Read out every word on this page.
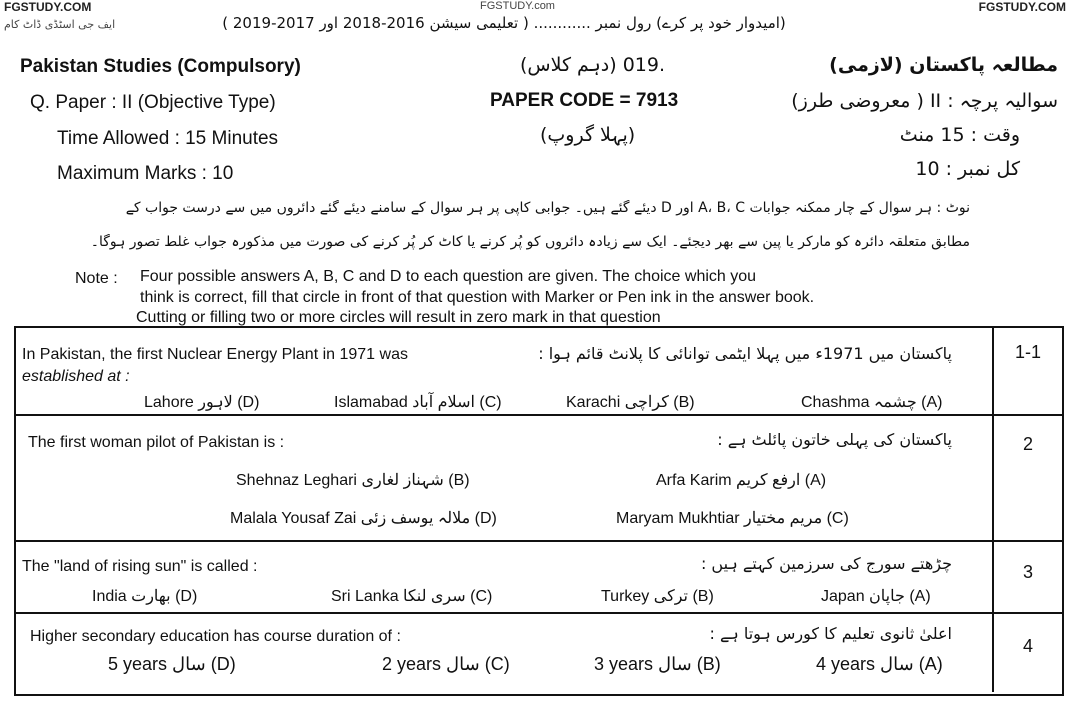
FGSTUDY.COM	FGSTUDY.com	FGSTUDY.COM
(امیدوار خود پر کرے) رول نمبر ............ ( تعلیمی سیشن 2016-2018 اور 2017-2019 )
ایف جی اسٹڈی ڈاٹ کام
Pakistan Studies (Compulsory)	.019 (دہم کلاس)	مطالعہ پاکستان (لازمی)
Q. Paper : II (Objective Type)	PAPER CODE = 7913	سوالیہ پرچہ : II ( معروضی طرز)
Time Allowed : 15 Minutes	(پہلا گروپ)	وقت : 15 منٹ
Maximum Marks : 10	کل نمبر : 10
نوٹ : ہر سوال کے چار ممکنہ جوابات A، B، C اور D دیئے گئے ہیں۔ جوابی کاپی پر ہر سوال کے سامنے دیئے گئے دائروں میں سے درست جواب کے
مطابق متعلقہ دائرہ کو مارکر یا پین سے بھر دیجئے۔ ایک سے زیادہ دائروں کو پُر کرنے یا کاٹ کر پُر کرنے کی صورت میں مذکورہ جواب غلط تصور ہوگا۔
Note : Four possible answers A, B, C and D to each question are given. The choice which you
think is correct, fill that circle in front of that question with Marker or Pen ink in the answer book.
Cutting or filling two or more circles will result in zero mark in that question
In Pakistan, the first Nuclear Energy Plant in 1971 was
established at :
پاکستان میں 1971ء میں پہلا ایٹمی توانائی کا پلانٹ قائم ہوا :
Chashma چشمہ (A)
Karachi کراچی (B)
Islamabad اسلام آباد (C)
Lahore لاہور (D)
1-1
The first woman pilot of Pakistan is :	پاکستان کی پہلی خاتون پائلٹ ہے :
Arfa Karim ارفع کریم (A)
Shehnaz Leghari شہناز لغاری (B)
Maryam Mukhtiar مریم مختیار (C)
Malala Yousaf Zai ملالہ یوسف زئی (D)
2
The "land of rising sun" is called :	چڑھتے سورج کی سرزمین کہتے ہیں :
Japan جاپان (A)
Turkey ترکی (B)
Sri Lanka سری لنکا (C)
India بھارت (D)
3
Higher secondary education has course duration of :	اعلیٰ ثانوی تعلیم کا کورس ہوتا ہے :
4 years سال (A)
3 years سال (B)
2 years سال (C)
5 years سال (D)
4
